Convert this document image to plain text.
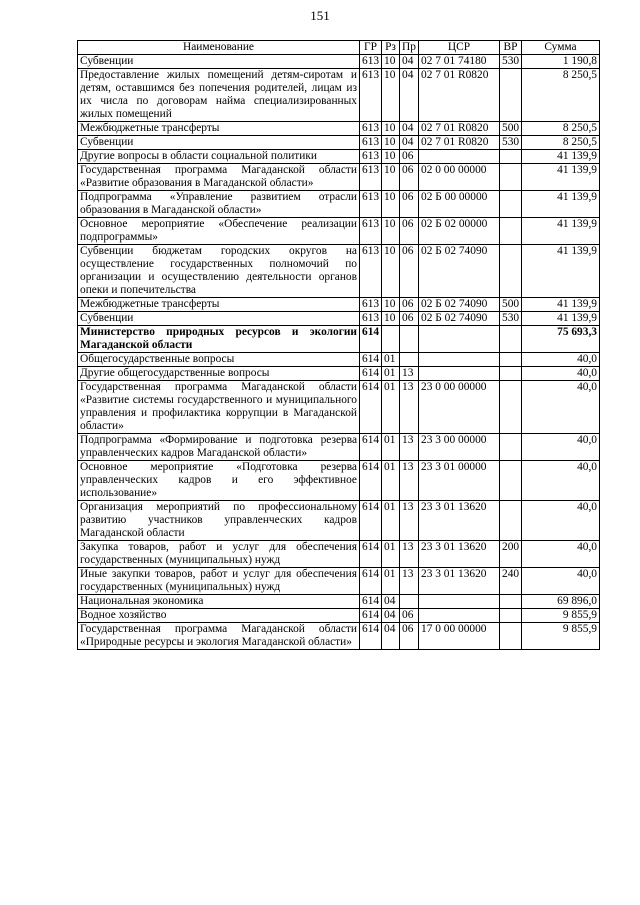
151
Наименование	ГР	Рз	Пр	ЦСР	ВР	Сумма
Субвенции	613	10	04	02 7 01 74180	530	1 190,8
Предоставление жилых помещений детям-сиротам и детям, оставшимся без попечения родителей, лицам из их числа по договорам найма специализированных жилых помещений	613	10	04	02 7 01 R0820		8 250,5
Межбюджетные трансферты	613	10	04	02 7 01 R0820	500	8 250,5
Субвенции	613	10	04	02 7 01 R0820	530	8 250,5
Другие вопросы в области социальной политики	613	10	06			41 139,9
Государственная программа Магаданской области «Развитие образования в Магаданской области»	613	10	06	02 0 00 00000		41 139,9
Подпрограмма «Управление развитием отрасли образования в Магаданской области»	613	10	06	02 Б 00 00000		41 139,9
Основное мероприятие «Обеспечение реализации подпрограммы»	613	10	06	02 Б 02 00000		41 139,9
Субвенции бюджетам городских округов на осуществление государственных полномочий по организации и осуществлению деятельности органов опеки и попечительства	613	10	06	02 Б 02 74090		41 139,9
Межбюджетные трансферты	613	10	06	02 Б 02 74090	500	41 139,9
Субвенции	613	10	06	02 Б 02 74090	530	41 139,9
Министерство природных ресурсов и экологии Магаданской области	614					75 693,3
Общегосударственные вопросы	614	01				40,0
Другие общегосударственные вопросы	614	01	13			40,0
Государственная программа Магаданской области «Развитие системы государственного и муниципального управления и профилактика коррупции в Магаданской области»	614	01	13	23 0 00 00000		40,0
Подпрограмма «Формирование и подготовка резерва управленческих кадров Магаданской области»	614	01	13	23 3 00 00000		40,0
Основное мероприятие «Подготовка резерва управленческих кадров и его эффективное использование»	614	01	13	23 3 01 00000		40,0
Организация мероприятий по профессиональному развитию участников управленческих кадров Магаданской области	614	01	13	23 3 01 13620		40,0
Закупка товаров, работ и услуг для обеспечения государственных (муниципальных) нужд	614	01	13	23 3 01 13620	200	40,0
Иные закупки товаров, работ и услуг для обеспечения государственных (муниципальных) нужд	614	01	13	23 3 01 13620	240	40,0
Национальная экономика	614	04				69 896,0
Водное хозяйство	614	04	06			9 855,9
Государственная программа Магаданской области «Природные ресурсы и экология Магаданской области»	614	04	06	17 0 00 00000		9 855,9
